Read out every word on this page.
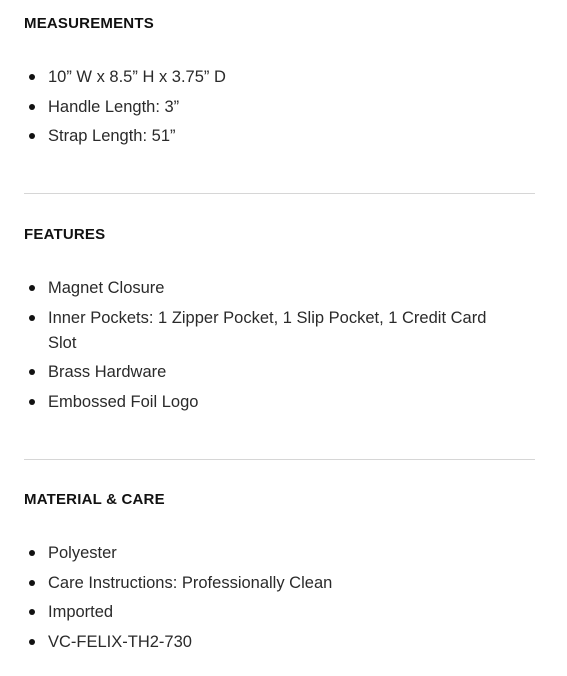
MEASUREMENTS
10” W x 8.5” H x 3.75” D
Handle Length: 3”
Strap Length: 51”
FEATURES
Magnet Closure
Inner Pockets: 1 Zipper Pocket, 1 Slip Pocket, 1 Credit Card Slot
Brass Hardware
Embossed Foil Logo
MATERIAL & CARE
Polyester
Care Instructions: Professionally Clean
Imported
VC-FELIX-TH2-730
